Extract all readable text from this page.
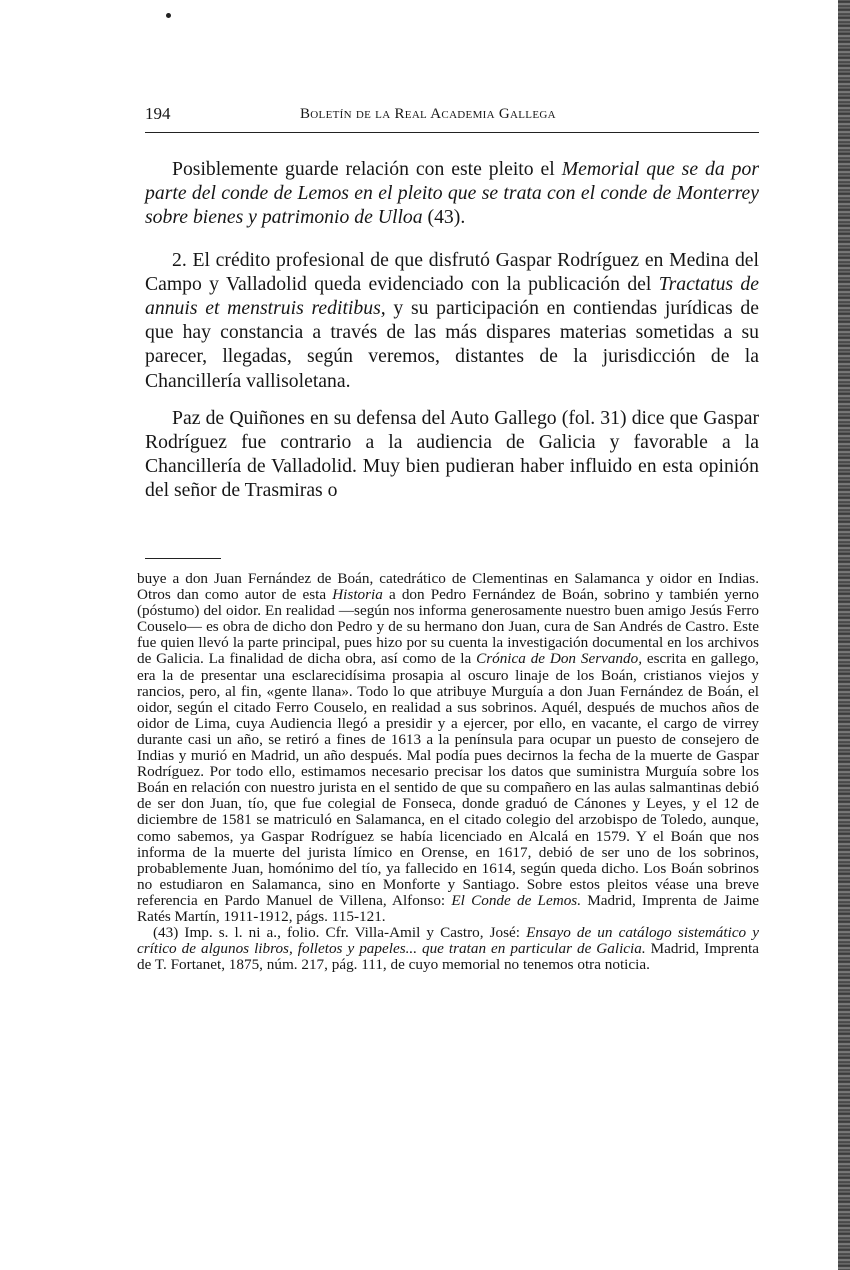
194	Boletín de la Real Academia Gallega

Posiblemente guarde relación con este pleito el Memorial que se da por parte del conde de Lemos en el pleito que se trata con el conde de Monterrey sobre bienes y patrimonio de Ulloa (43).

2. El crédito profesional de que disfrutó Gaspar Rodríguez en Medina del Campo y Valladolid queda evidenciado con la publicación del Tractatus de annuis et menstruis reditibus, y su participación en contiendas jurídicas de que hay constancia a través de las más dispares materias sometidas a su parecer, llegadas, según veremos, distantes de la jurisdicción de la Chancillería vallisoletana.

Paz de Quiñones en su defensa del Auto Gallego (fol. 31) dice que Gaspar Rodríguez fue contrario a la audiencia de Galicia y favorable a la Chancillería de Valladolid. Muy bien pudieran haber influido en esta opinión del señor de Trasmiras o

buye a don Juan Fernández de Boán, catedrático de Clementinas en Salamanca y oidor en Indias. Otros dan como autor de esta Historia a don Pedro Fernández de Boán, sobrino y también yerno (póstumo) del oidor. En realidad —según nos informa generosamente nuestro buen amigo Jesús Ferro Couselo— es obra de dicho don Pedro y de su hermano don Juan, cura de San Andrés de Castro. Este fue quien llevó la parte principal, pues hizo por su cuenta la investigación documental en los archivos de Galicia. La finalidad de dicha obra, así como de la Crónica de Don Servando, escrita en gallego, era la de presentar una esclarecidísima prosapia al oscuro linaje de los Boán, cristianos viejos y rancios, pero, al fin, «gente llana». Todo lo que atribuye Murguía a don Juan Fernández de Boán, el oidor, según el citado Ferro Couselo, en realidad a sus sobrinos. Aquél, después de muchos años de oidor de Lima, cuya Audiencia llegó a presidir y a ejercer, por ello, en vacante, el cargo de virrey durante casi un año, se retiró a fines de 1613 a la península para ocupar un puesto de consejero de Indias y murió en Madrid, un año después. Mal podía pues decirnos la fecha de la muerte de Gaspar Rodríguez. Por todo ello, estimamos necesario precisar los datos que suministra Murguía sobre los Boán en relación con nuestro jurista en el sentido de que su compañero en las aulas salmantinas debió de ser don Juan, tío, que fue colegial de Fonseca, donde graduó de Cánones y Leyes, y el 12 de diciembre de 1581 se matriculó en Salamanca, en el citado colegio del arzobispo de Toledo, aunque, como sabemos, ya Gaspar Rodríguez se había licenciado en Alcalá en 1579. Y el Boán que nos informa de la muerte del jurista límico en Orense, en 1617, debió de ser uno de los sobrinos, probablemente Juan, homónimo del tío, ya fallecido en 1614, según queda dicho. Los Boán sobrinos no estudiaron en Salamanca, sino en Monforte y Santiago. Sobre estos pleitos véase una breve referencia en Pardo Manuel de Villena, Alfonso: El Conde de Lemos. Madrid, Imprenta de Jaime Ratés Martín, 1911-1912, págs. 115-121.

(43) Imp. s. l. ni a., folio. Cfr. Villa-Amil y Castro, José: Ensayo de un catálogo sistemático y crítico de algunos libros, folletos y papeles... que tratan en particular de Galicia. Madrid, Imprenta de T. Fortanet, 1875, núm. 217, pág. 111, de cuyo memorial no tenemos otra noticia.
